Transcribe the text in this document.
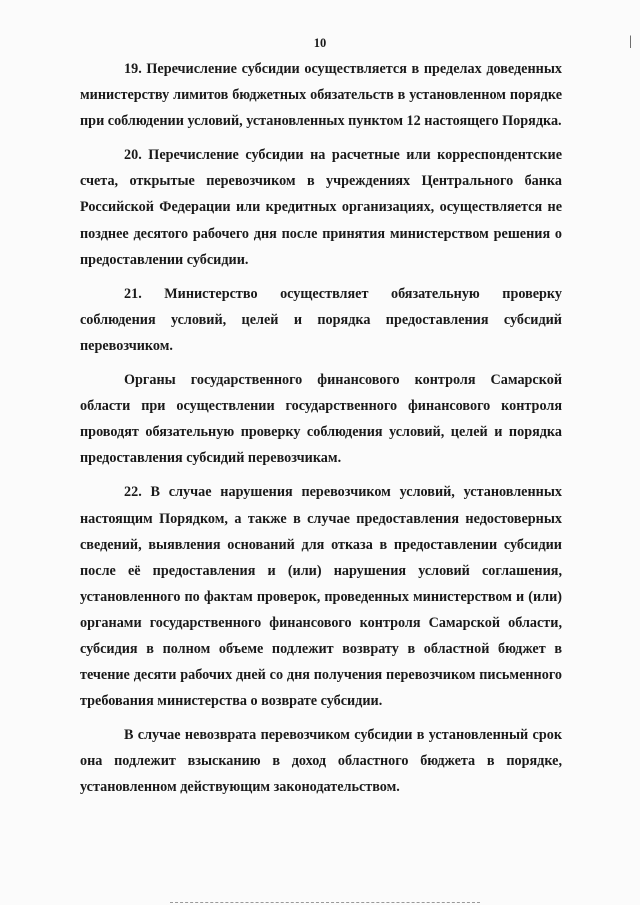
10	|

19. Перечисление субсидии осуществляется в пределах доведенных министерству лимитов бюджетных обязательств в установленном порядке при соблюдении условий, установленных пунктом 12 настоящего Порядка.

20. Перечисление субсидии на расчетные или корреспондентские счета, открытые перевозчиком в учреждениях Центрального банка Российской Федерации или кредитных организациях, осуществляется не позднее десятого рабочего дня после принятия министерством решения о предоставлении субсидии.

21. Министерство осуществляет обязательную проверку соблюдения условий, целей и порядка предоставления субсидий перевозчиком.

Органы государственного финансового контроля Самарской области при осуществлении государственного финансового контроля проводят обязательную проверку соблюдения условий, целей и порядка предоставления субсидий перевозчикам.

22. В случае нарушения перевозчиком условий, установленных настоящим Порядком, а также в случае предоставления недостоверных сведений, выявления оснований для отказа в предоставлении субсидии после её предоставления и (или) нарушения условий соглашения, установленного по фактам проверок, проведенных министерством и (или) органами государственного финансового контроля Самарской области, субсидия в полном объеме подлежит возврату в областной бюджет в течение десяти рабочих дней со дня получения перевозчиком письменного требования министерства о возврате субсидии.

В случае невозврата перевозчиком субсидии в установленный срок она подлежит взысканию в доход областного бюджета в порядке, установленном действующим законодательством.
